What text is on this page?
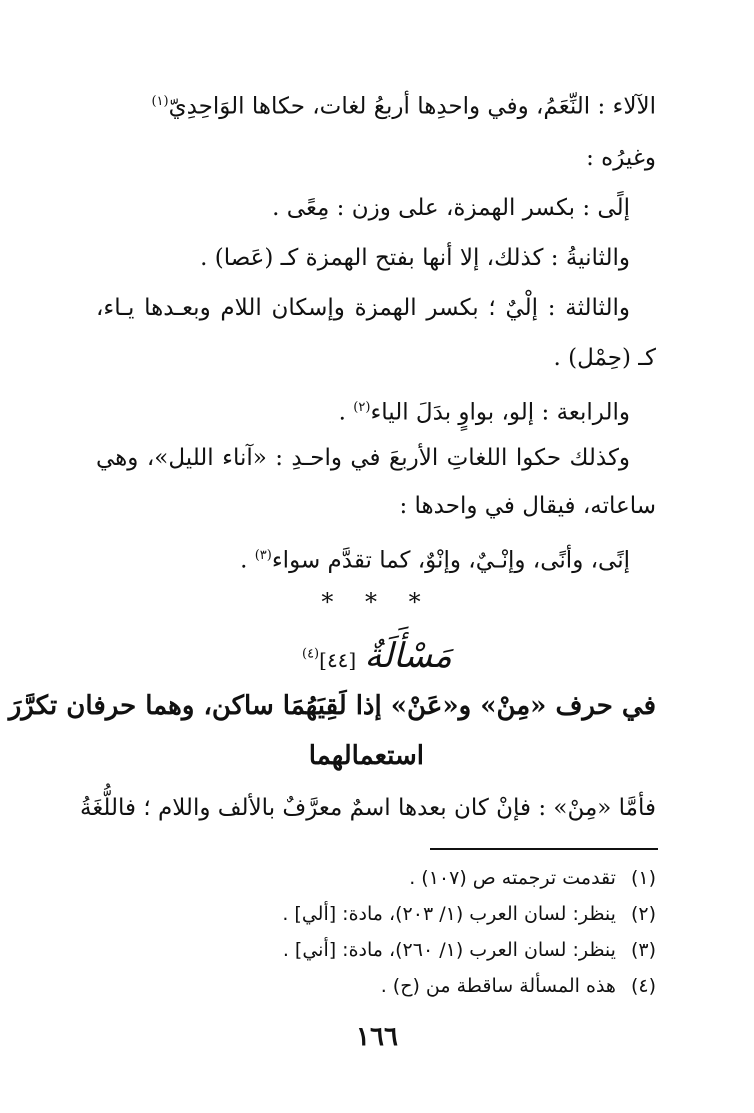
الآلاء : النِّعَمُ، وفي واحدِها أربعُ لغات، حكاها الوَاحِدِيّ$^{(١)}$
وغيرُه :
إلًى : بكسر الهمزة، على وزن : مِعًى .
والثانيةُ : كذلك، إلا أنها بفتح الهمزة كـ (عَصا) .
والثالثة : إلْيٌ ؛ بكسر الهمزة وإسكان اللام وبعـدها يـاء،
كـ (حِمْل) .
والرابعة : إلو، بواوٍ بدَلَ الياء$^{(٢)}$ .
وكذلك حكوا اللغاتِ الأربعَ في واحـدِ : «آناء الليل»، وهي
ساعاته، فيقال في واحدها :
إنًى، وأنًى، وإنْـيٌ، وإنْوٌ، كما تقدَّم سواء$^{(٣)}$ .
* * *
مَسْأَلَةٌ [٤٤]$^{(٤)}$
في حرف «مِنْ» و«عَنْ» إذا لَقِيَهُمَا ساكن، وهما حرفان تكرَّرَ
استعمالهما
فأمَّا «مِنْ» : فإنْ كان بعدها اسمٌ معرَّفٌ بالألف واللام ؛ فاللُّغَةُ
(١) تقدمت ترجمته ص (١٠٧) .
(٢) ينظر: لسان العرب (١/ ٢٠٣)، مادة: [ألي] .
(٣) ينظر: لسان العرب (١/ ٢٦٠)، مادة: [أني] .
(٤) هذه المسألة ساقطة من (ح) .
١٦٦
